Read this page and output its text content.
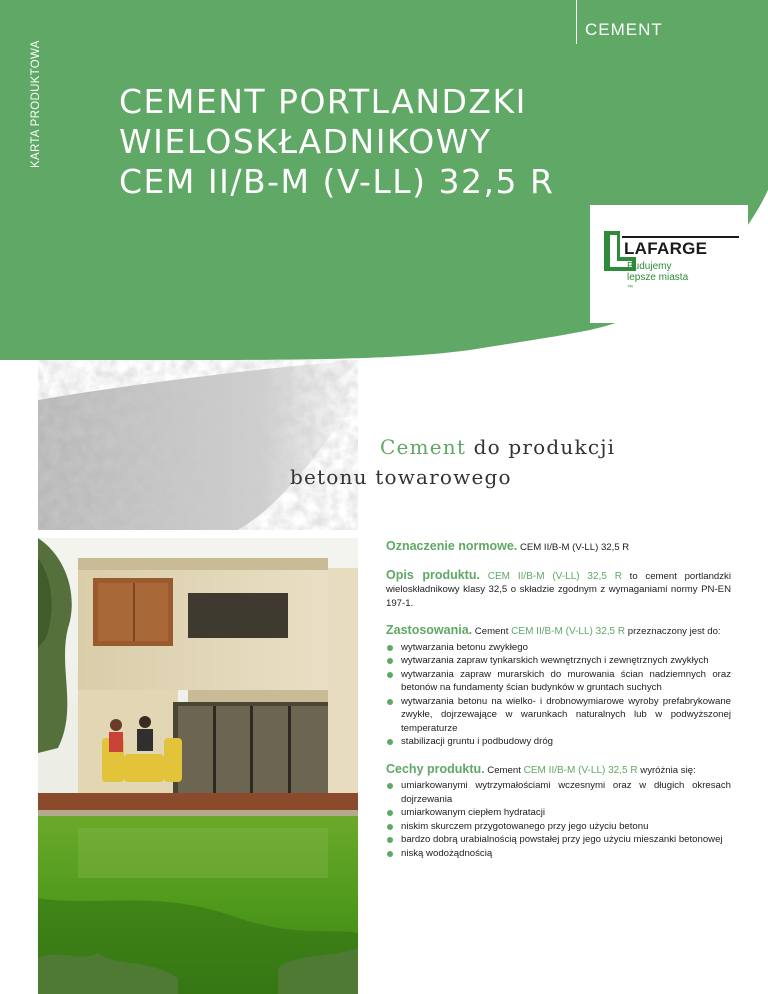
KARTA PRODUKTOWA
CEMENT
CEMENT PORTLANDZKI
WIELOSKŁADNIKOWY
CEM II/B-M (V-LL) 32,5 R
LAFARGE
Budujemy
lepsze miasta
™
Cement do produkcji
betonu towarowego
Oznaczenie normowe. CEM II/B-M (V-LL) 32,5 R
Opis produktu. CEM II/B-M (V-LL) 32,5 R to cement portlandzki wieloskładnikowy klasy 32,5 o składzie zgodnym z wymaganiami normy PN-EN 197-1.
Zastosowania. Cement CEM II/B-M (V-LL) 32,5 R przeznaczony jest do:
wytwarzania betonu zwykłego
wytwarzania zapraw tynkarskich wewnętrznych i zewnętrznych zwykłych
wytwarzania zapraw murarskich do murowania ścian nadziemnych oraz betonów na fundamenty ścian budynków w gruntach suchych
wytwarzania betonu na wielko- i drobnowymiarowe wyroby prefabrykowane zwykłe, dojrzewające w warunkach naturalnych lub w podwyższonej temperaturze
stabilizacji gruntu i podbudowy dróg
Cechy produktu. Cement CEM II/B-M (V-LL) 32,5 R wyróżnia się:
umiarkowanymi wytrzymałościami wczesnymi oraz w długich okresach dojrzewania
umiarkowanym ciepłem hydratacji
niskim skurczem przygotowanego przy jego użyciu betonu
bardzo dobrą urabialnością powstałej przy jego użyciu mieszanki betonowej
niską wodożądnością
